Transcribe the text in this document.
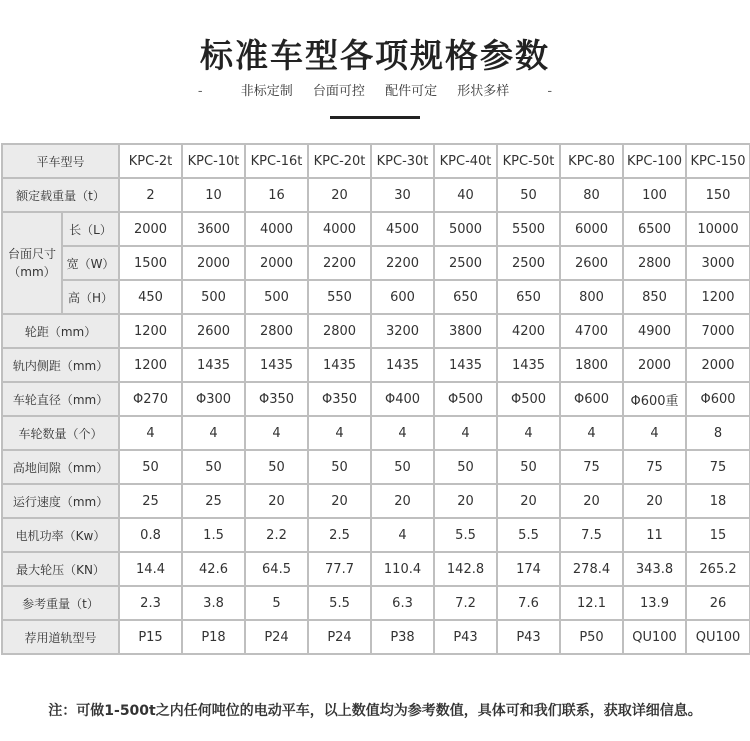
标准车型各项规格参数
-	非标定制 台面可控 配件可定 形状多样	-
平车型号		KPC-2t	KPC-10t	KPC-16t	KPC-20t	KPC-30t	KPC-40t	KPC-50t	KPC-80	KPC-100	KPC-150
额定载重量（t）		2	10	16	20	30	40	50	80	100	150
台面尺寸（mm）	长（L）	2000	3600	4000	4000	4500	5000	5500	6000	6500	10000
	宽（W）	1500	2000	2000	2200	2200	2500	2500	2600	2800	3000
	高（H）	450	500	500	550	600	650	650	800	850	1200
轮距（mm）		1200	2600	2800	2800	3200	3800	4200	4700	4900	7000
轨内侧距（mm）		1200	1435	1435	1435	1435	1435	1435	1800	2000	2000
车轮直径（mm）		Φ270	Φ300	Φ350	Φ350	Φ400	Φ500	Φ500	Φ600	Φ600重	Φ600
车轮数量（个）		4	4	4	4	4	4	4	4	4	8
高地间隙（mm）		50	50	50	50	50	50	50	75	75	75
运行速度（mm）		25	25	20	20	20	20	20	20	20	18
电机功率（Kw）		0.8	1.5	2.2	2.5	4	5.5	5.5	7.5	11	15
最大轮压（KN）		14.4	42.6	64.5	77.7	110.4	142.8	174	278.4	343.8	265.2
参考重量（t）		2.3	3.8	5	5.5	6.3	7.2	7.6	12.1	13.9	26
荐用道轨型号		P15	P18	P24	P24	P38	P43	P43	P50	QU100	QU100
注：可做1-500t之内任何吨位的电动平车，以上数值均为参考数值，具体可和我们联系，获取详细信息。
